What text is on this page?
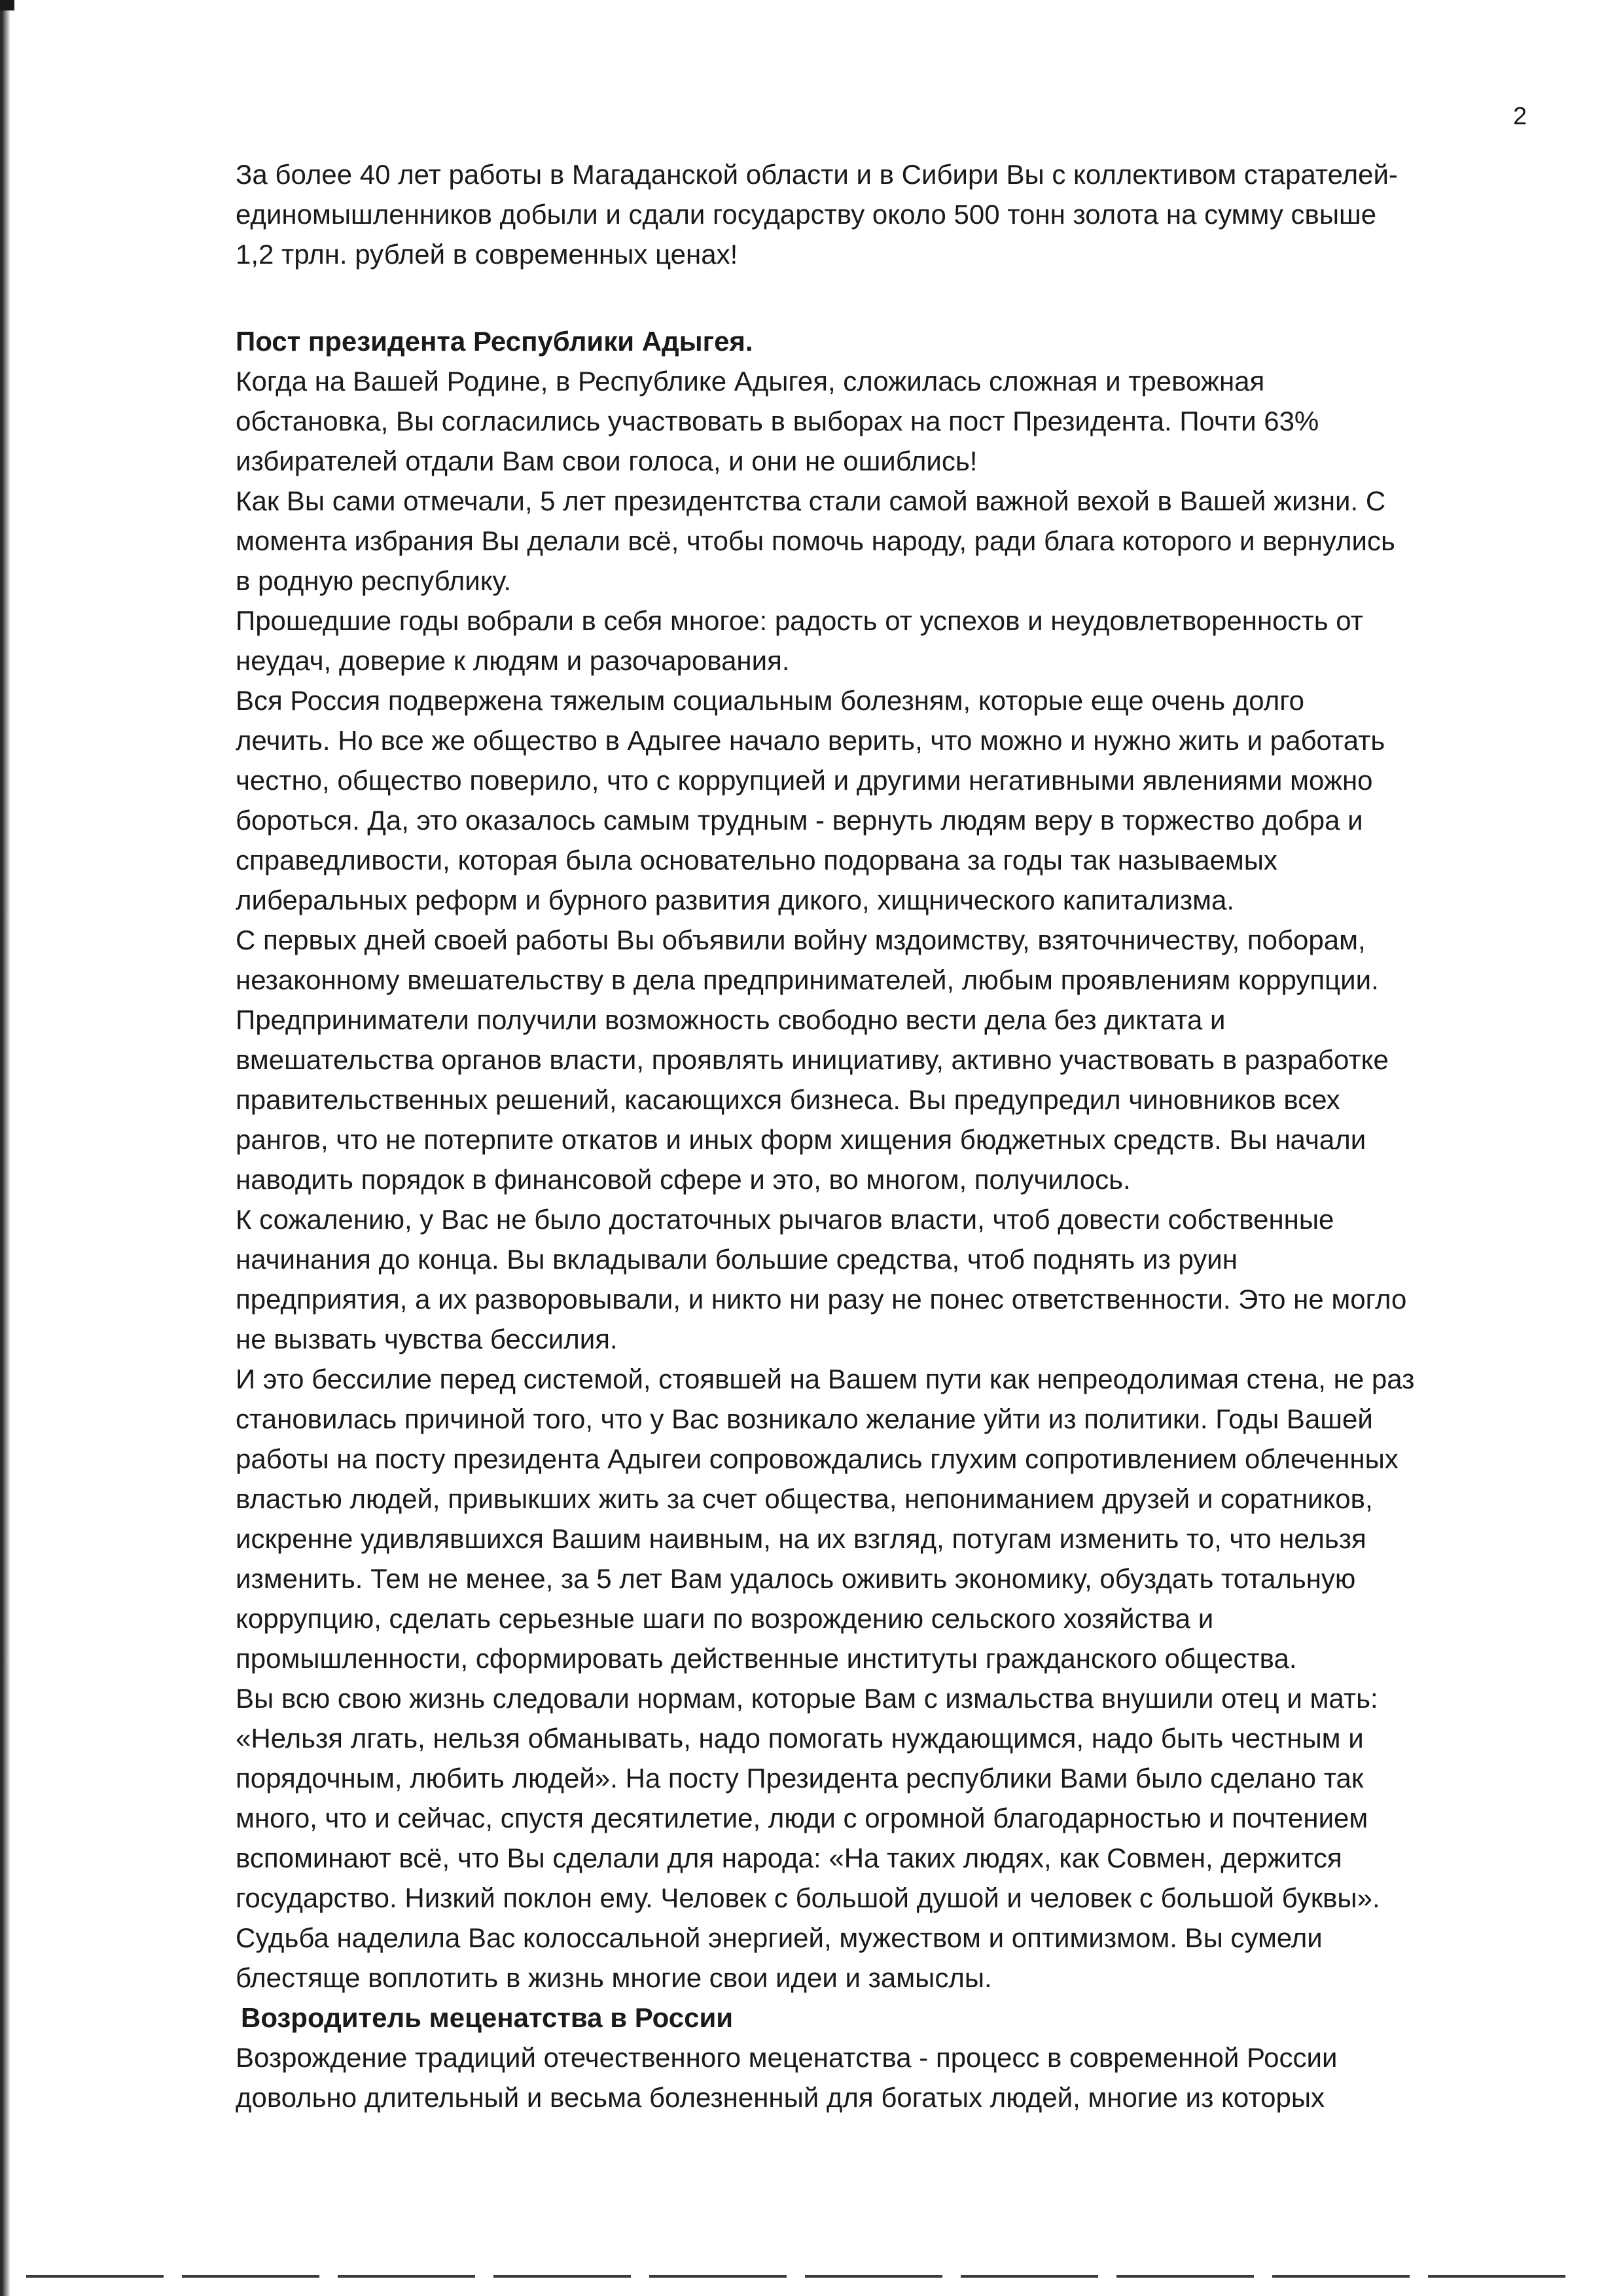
2

За более 40 лет работы в Магаданской области и в Сибири Вы с коллективом старателей-
единомышленников добыли и сдали государству около 500 тонн золота на сумму свыше
1,2 трлн. рублей в современных ценах!

Пост президента Республики Адыгея.

Когда на Вашей Родине, в Республике Адыгея, сложилась сложная и тревожная
обстановка, Вы согласились участвовать в выборах на пост Президента. Почти 63%
избирателей отдали Вам свои голоса, и они не ошиблись!

Как Вы сами отмечали, 5 лет президентства стали самой важной вехой в Вашей жизни. С
момента избрания Вы делали всё, чтобы помочь народу, ради блага которого и вернулись
в родную республику.

Прошедшие годы вобрали в себя многое: радость от успехов и неудовлетворенность от
неудач, доверие к людям и разочарования.

Вся Россия подвержена тяжелым социальным болезням, которые еще очень долго
лечить. Но все же общество в Адыгее начало верить, что можно и нужно жить и работать
честно, общество поверило, что с коррупцией и другими негативными явлениями можно
бороться. Да, это оказалось самым трудным - вернуть людям веру в торжество добра и
справедливости, которая была основательно подорвана за годы так называемых
либеральных реформ и бурного развития дикого, хищнического капитализма.

С первых дней своей работы Вы объявили войну мздоимству, взяточничеству, поборам,
незаконному вмешательству в дела предпринимателей, любым проявлениям коррупции.
Предприниматели получили возможность свободно вести дела без диктата и
вмешательства органов власти, проявлять инициативу, активно участвовать в разработке
правительственных решений, касающихся бизнеса. Вы предупредил чиновников всех
рангов, что не потерпите откатов и иных форм хищения бюджетных средств. Вы начали
наводить порядок в финансовой сфере и это, во многом, получилось.

К сожалению, у Вас не было достаточных рычагов власти, чтоб довести собственные
начинания до конца. Вы вкладывали большие средства, чтоб поднять из руин
предприятия, а их разворовывали, и никто ни разу не понес ответственности. Это не могло
не вызвать чувства бессилия.

И это бессилие перед системой, стоявшей на Вашем пути как непреодолимая стена, не раз
становилась причиной того, что у Вас возникало желание уйти из политики. Годы Вашей
работы на посту президента Адыгеи сопровождались глухим сопротивлением облеченных
властью людей, привыкших жить за счет общества, непониманием друзей и соратников,
искренне удивлявшихся Вашим наивным, на их взгляд, потугам изменить то, что нельзя
изменить. Тем не менее, за 5 лет Вам удалось оживить экономику, обуздать тотальную
коррупцию, сделать серьезные шаги по возрождению сельского хозяйства и
промышленности, сформировать действенные институты гражданского общества.

Вы всю свою жизнь следовали нормам, которые Вам с измальства внушили отец и мать:
«Нельзя лгать, нельзя обманывать, надо помогать нуждающимся, надо быть честным и
порядочным, любить людей». На посту Президента республики Вами было сделано так
много, что и сейчас, спустя десятилетие, люди с огромной благодарностью и почтением
вспоминают всё, что Вы сделали для народа: «На таких людях, как Совмен, держится
государство. Низкий поклон ему. Человек с большой душой и человек с большой буквы».

Судьба наделила Вас колоссальной энергией, мужеством и оптимизмом. Вы сумели
блестяще воплотить в жизнь многие свои идеи и замыслы.

Возродитель меценатства в России

Возрождение традиций отечественного меценатства - процесс в современной России
довольно длительный и весьма болезненный для богатых людей, многие из которых
